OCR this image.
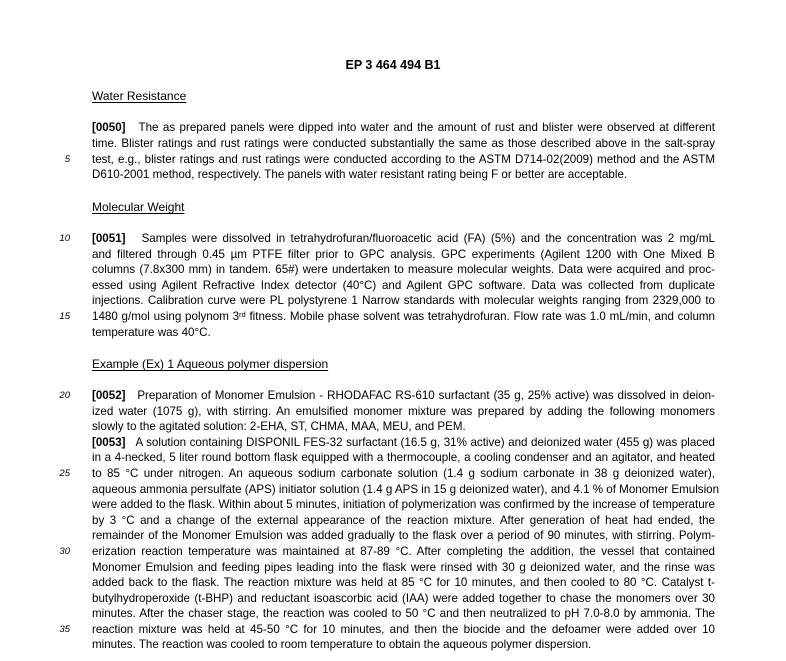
EP 3 464 494 B1
Water Resistance
[0050] The as prepared panels were dipped into water and the amount of rust and blister were observed at different
time. Blister ratings and rust ratings were conducted substantially the same as those described above in the salt-spray
test, e.g., blister ratings and rust ratings were conducted according to the ASTM D714-02(2009) method and the ASTM
D610-2001 method, respectively. The panels with water resistant rating being F or better are acceptable.
Molecular Weight
[0051] Samples were dissolved in tetrahydrofuran/fluoroacetic acid (FA) (5%) and the concentration was 2 mg/mL
and filtered through 0.45 µm PTFE filter prior to GPC analysis. GPC experiments (Agilent 1200 with One Mixed B
columns (7.8x300 mm) in tandem. 65#) were undertaken to measure molecular weights. Data were acquired and proc-
essed using Agilent Refractive Index detector (40°C) and Agilent GPC software. Data was collected from duplicate
injections. Calibration curve were PL polystyrene 1 Narrow standards with molecular weights ranging from 2329,000 to
1480 g/mol using polynom 3rd fitness. Mobile phase solvent was tetrahydrofuran. Flow rate was 1.0 mL/min, and column
temperature was 40°C.
Example (Ex) 1 Aqueous polymer dispersion
[0052] Preparation of Monomer Emulsion - RHODAFAC RS-610 surfactant (35 g, 25% active) was dissolved in deion-
ized water (1075 g), with stirring. An emulsified monomer mixture was prepared by adding the following monomers
slowly to the agitated solution: 2-EHA, ST, CHMA, MAA, MEU, and PEM.
[0053] A solution containing DISPONIL FES-32 surfactant (16.5 g, 31% active) and deionized water (455 g) was placed
in a 4-necked, 5 liter round bottom flask equipped with a thermocouple, a cooling condenser and an agitator, and heated
to 85 °C under nitrogen. An aqueous sodium carbonate solution (1.4 g sodium carbonate in 38 g deionized water),
aqueous ammonia persulfate (APS) initiator solution (1.4 g APS in 15 g deionized water), and 4.1 % of Monomer Emulsion
were added to the flask. Within about 5 minutes, initiation of polymerization was confirmed by the increase of temperature
by 3 °C and a change of the external appearance of the reaction mixture. After generation of heat had ended, the
remainder of the Monomer Emulsion was added gradually to the flask over a period of 90 minutes, with stirring. Polym-
erization reaction temperature was maintained at 87-89 °C. After completing the addition, the vessel that contained
Monomer Emulsion and feeding pipes leading into the flask were rinsed with 30 g deionized water, and the rinse was
added back to the flask. The reaction mixture was held at 85 °C for 10 minutes, and then cooled to 80 °C. Catalyst t-
butylhydroperoxide (t-BHP) and reductant isoascorbic acid (IAA) were added together to chase the monomers over 30
minutes. After the chaser stage, the reaction was cooled to 50 °C and then neutralized to pH 7.0-8.0 by ammonia. The
reaction mixture was held at 45-50 °C for 10 minutes, and then the biocide and the defoamer were added over 10
minutes. The reaction was cooled to room temperature to obtain the aqueous polymer dispersion.
5
10
15
20
25
30
35
